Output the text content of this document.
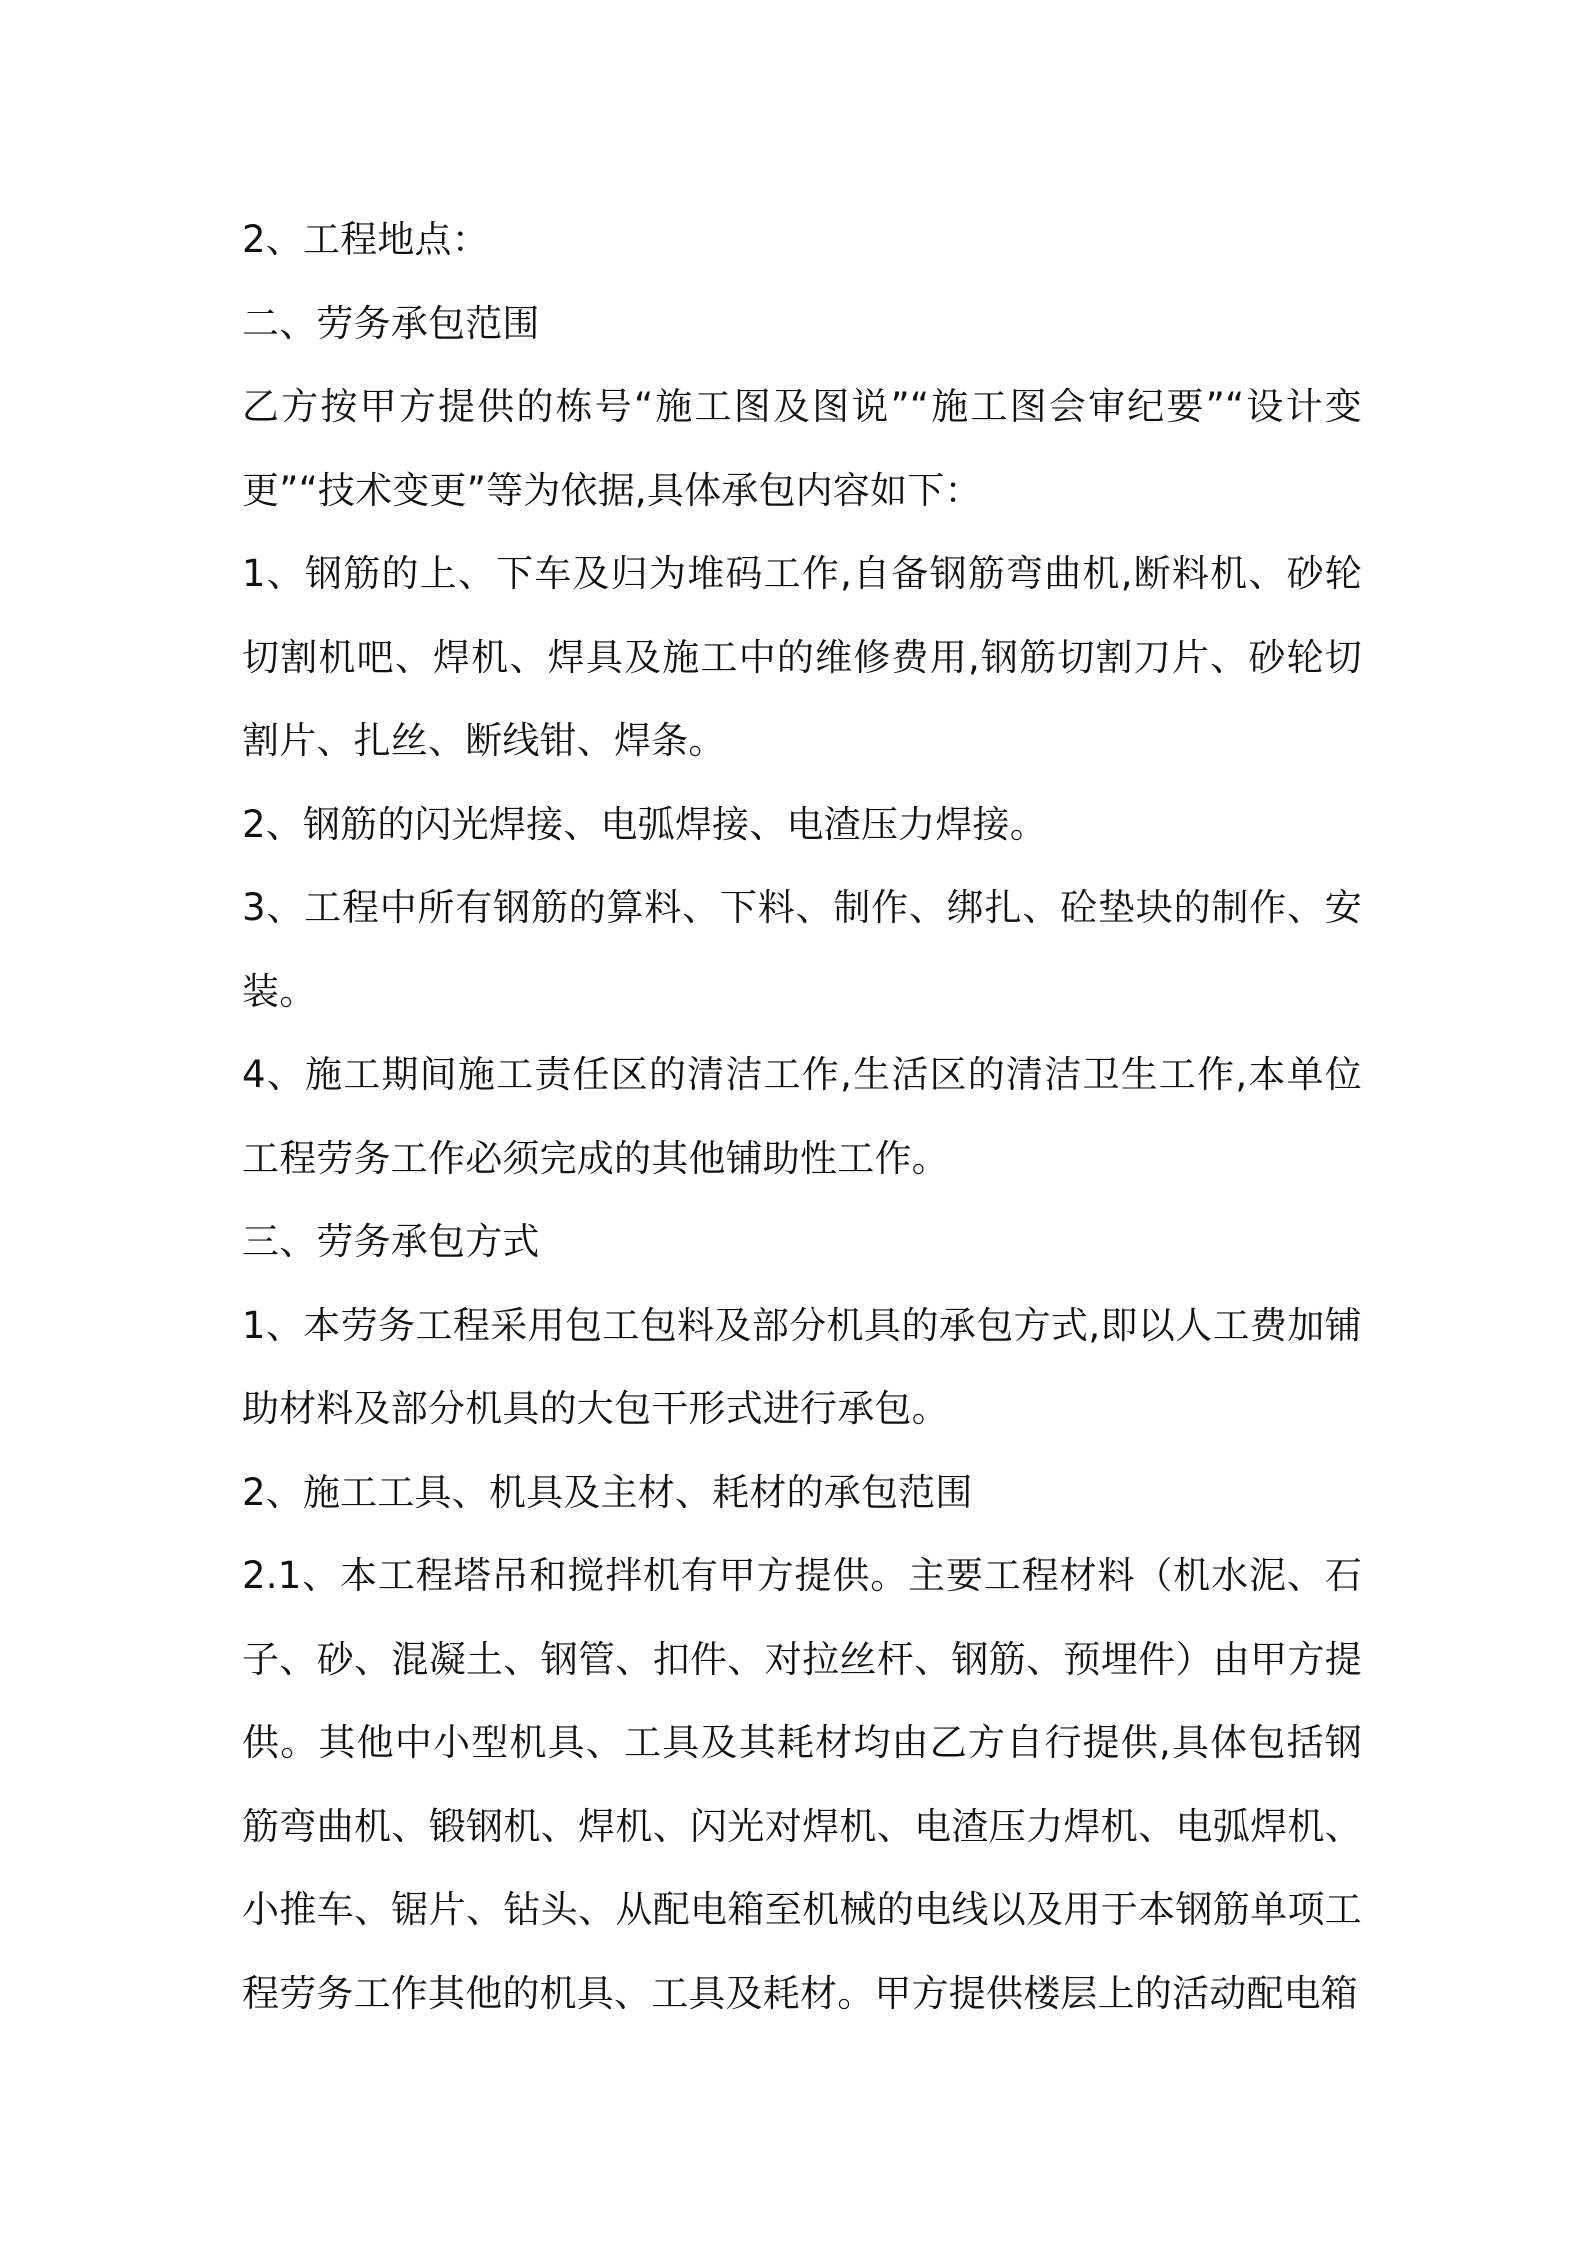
2、工程地点：

二、劳务承包范围

乙方按甲方提供的栋号“施工图及图说”“施工图会审纪要”“设计变更”“技术变更”等为依据,具体承包内容如下：

1、钢筋的上、下车及归为堆码工作,自备钢筋弯曲机,断料机、砂轮切割机吧、焊机、焊具及施工中的维修费用,钢筋切割刀片、砂轮切割片、扎丝、断线钳、焊条。

2、钢筋的闪光焊接、电弧焊接、电渣压力焊接。

3、工程中所有钢筋的算料、下料、制作、绑扎、砼垫块的制作、安装。

4、施工期间施工责任区的清洁工作,生活区的清洁卫生工作,本单位工程劳务工作必须完成的其他铺助性工作。

三、劳务承包方式

1、本劳务工程采用包工包料及部分机具的承包方式,即以人工费加铺助材料及部分机具的大包干形式进行承包。

2、施工工具、机具及主材、耗材的承包范围

2.1、本工程塔吊和搅拌机有甲方提供。主要工程材料（机水泥、石子、砂、混凝土、钢管、扣件、对拉丝杆、钢筋、预埋件）由甲方提供。其他中小型机具、工具及其耗材均由乙方自行提供,具体包括钢筋弯曲机、锻钢机、焊机、闪光对焊机、电渣压力焊机、电弧焊机、小推车、锯片、钻头、从配电箱至机械的电线以及用于本钢筋单项工程劳务工作其他的机具、工具及耗材。甲方提供楼层上的活动配电箱
